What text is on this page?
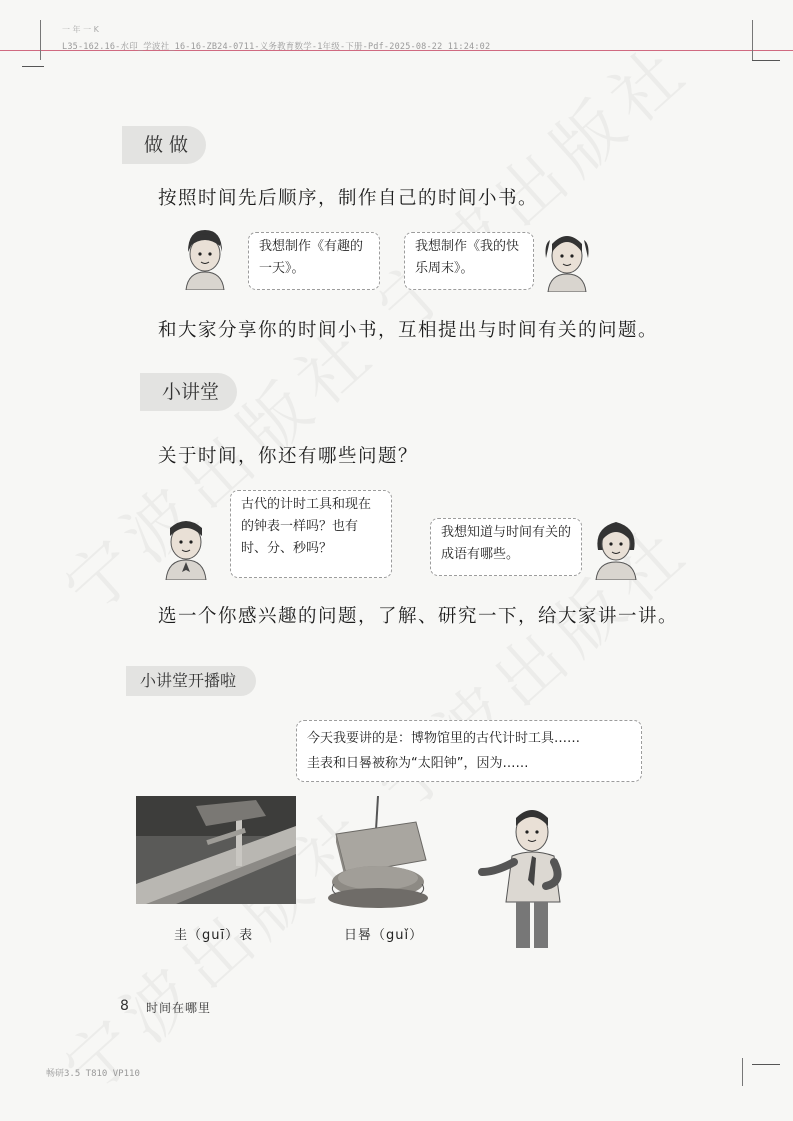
一 年 一 K
L35-162.16-水印_学波社_16-16-ZB24-0711-义务教育数学-1年级-下册-Pdf-2025-08-22 11:24:02
做 做
按照时间先后顺序，制作自己的时间小书。
我想制作《有趣的一天》。
我想制作《我的快乐周末》。
和大家分享你的时间小书，互相提出与时间有关的问题。
小讲堂
关于时间，你还有哪些问题？
古代的计时工具和现在的钟表一样吗？也有时、分、秒吗？
我想知道与时间有关的成语有哪些。
选一个你感兴趣的问题，了解、研究一下，给大家讲一讲。
小讲堂开播啦
今天我要讲的是：博物馆里的古代计时工具……
圭表和日晷被称为“太阳钟”，因为……
圭（guī）表	日晷（guǐ）
8 时间在哪里
畅研3.5 T810 VP110
